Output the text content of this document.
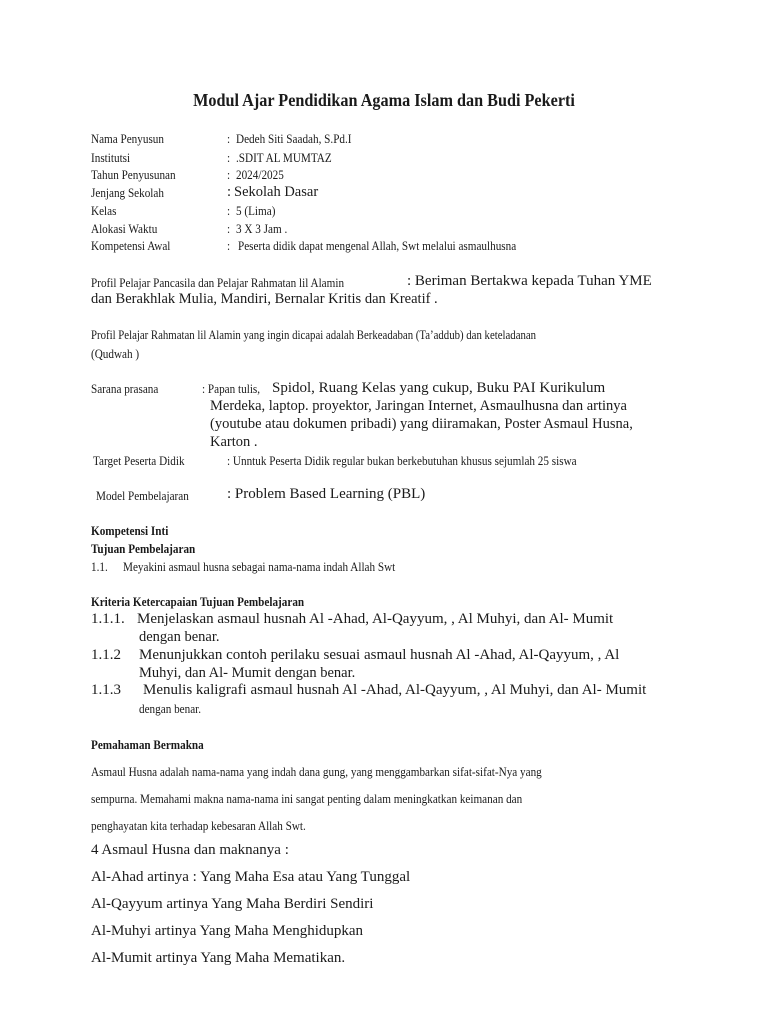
Modul Ajar Pendidikan Agama Islam dan Budi Pekerti
Nama Penyusun	: Dedeh Siti Saadah, S.Pd.I
Institutsi	: .SDIT AL MUMTAZ
Tahun Penyusunan	: 2024/2025
Jenjang Sekolah	: Sekolah Dasar
Kelas	: 5 (Lima)
Alokasi Waktu	: 3 X 3 Jam .
Kompetensi Awal	: Peserta didik dapat mengenal Allah, Swt melalui asmaulhusna
Profil Pelajar Pancasila dan Pelajar Rahmatan lil Alamin	: Beriman Bertakwa kepada Tuhan YME
dan Berakhlak Mulia, Mandiri, Bernalar Kritis dan Kreatif .
Profil Pelajar Rahmatan lil Alamin yang ingin dicapai adalah Berkeadaban (Ta’addub) dan keteladanan
(Qudwah )
Sarana prasana	: Papan tulis, Spidol, Ruang Kelas yang cukup, Buku PAI Kurikulum
Merdeka, laptop. proyektor, Jaringan Internet, Asmaulhusna dan artinya
(youtube atau dokumen pribadi) yang diiramakan, Poster Asmaul Husna,
Karton .
Target Peserta Didik	: Unntuk Peserta Didik regular bukan berkebutuhan khusus sejumlah 25 siswa
Model Pembelajaran	: Problem Based Learning (PBL)
Kompetensi Inti
Tujuan Pembelajaran
1.1. Meyakini asmaul husna sebagai nama-nama indah Allah Swt
Kriteria Ketercapaian Tujuan Pembelajaran
1.1.1. Menjelaskan asmaul husnah Al -Ahad, Al-Qayyum, , Al Muhyi, dan Al- Mumit
dengan benar.
1.1.2 Menunjukkan contoh perilaku sesuai asmaul husnah Al -Ahad, Al-Qayyum, , Al
Muhyi, dan Al- Mumit dengan benar.
1.1.3 Menulis kaligrafi asmaul husnah Al -Ahad, Al-Qayyum, , Al Muhyi, dan Al- Mumit
dengan benar.
Pemahaman Bermakna
Asmaul Husna adalah nama-nama yang indah dana gung, yang menggambarkan sifat-sifat-Nya yang
sempurna. Memahami makna nama-nama ini sangat penting dalam meningkatkan keimanan dan
penghayatan kita terhadap kebesaran Allah Swt.
4 Asmaul Husna dan maknanya :
Al-Ahad artinya : Yang Maha Esa atau Yang Tunggal
Al-Qayyum artinya Yang Maha Berdiri Sendiri
Al-Muhyi artinya Yang Maha Menghidupkan
Al-Mumit artinya Yang Maha Mematikan.
